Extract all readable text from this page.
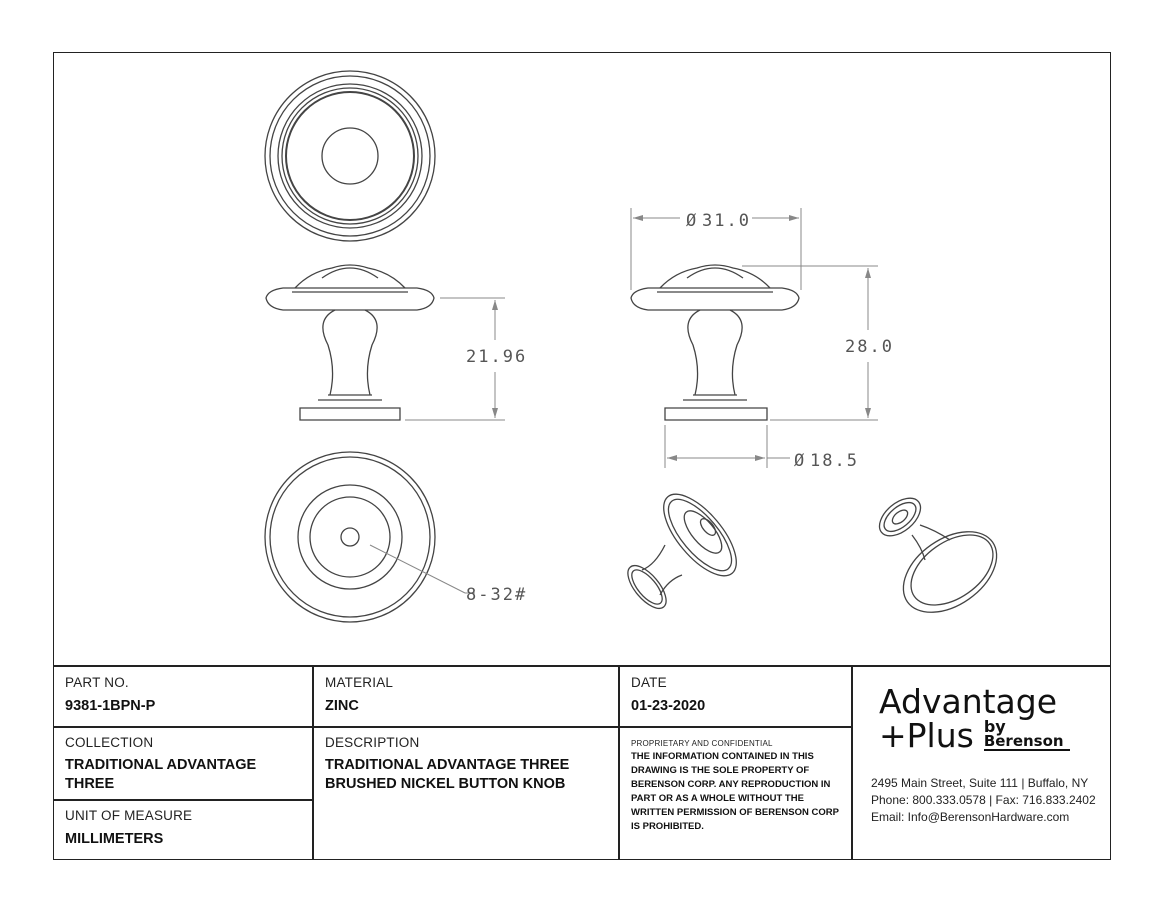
21.96
8-32#
Ø 31.0
28.0
Ø 18.5
PART NO.
9381-1BPN-P
MATERIAL
ZINC
DATE
01-23-2020
COLLECTION
TRADITIONAL ADVANTAGE
THREE
UNIT OF MEASURE
MILLIMETERS
DESCRIPTION
TRADITIONAL ADVANTAGE THREE
BRUSHED NICKEL BUTTON KNOB
PROPRIETARY AND CONFIDENTIAL
THE INFORMATION CONTAINED IN THIS DRAWING IS THE SOLE PROPERTY OF BERENSON CORP. ANY REPRODUCTION IN PART OR AS A WHOLE WITHOUT THE WRITTEN PERMISSION OF BERENSON CORP IS PROHIBITED.
Advantage
+Plus by
Berenson
2495 Main Street, Suite 111 | Buffalo, NY
Phone: 800.333.0578 | Fax: 716.833.2402
Email: Info@BerensonHardware.com
